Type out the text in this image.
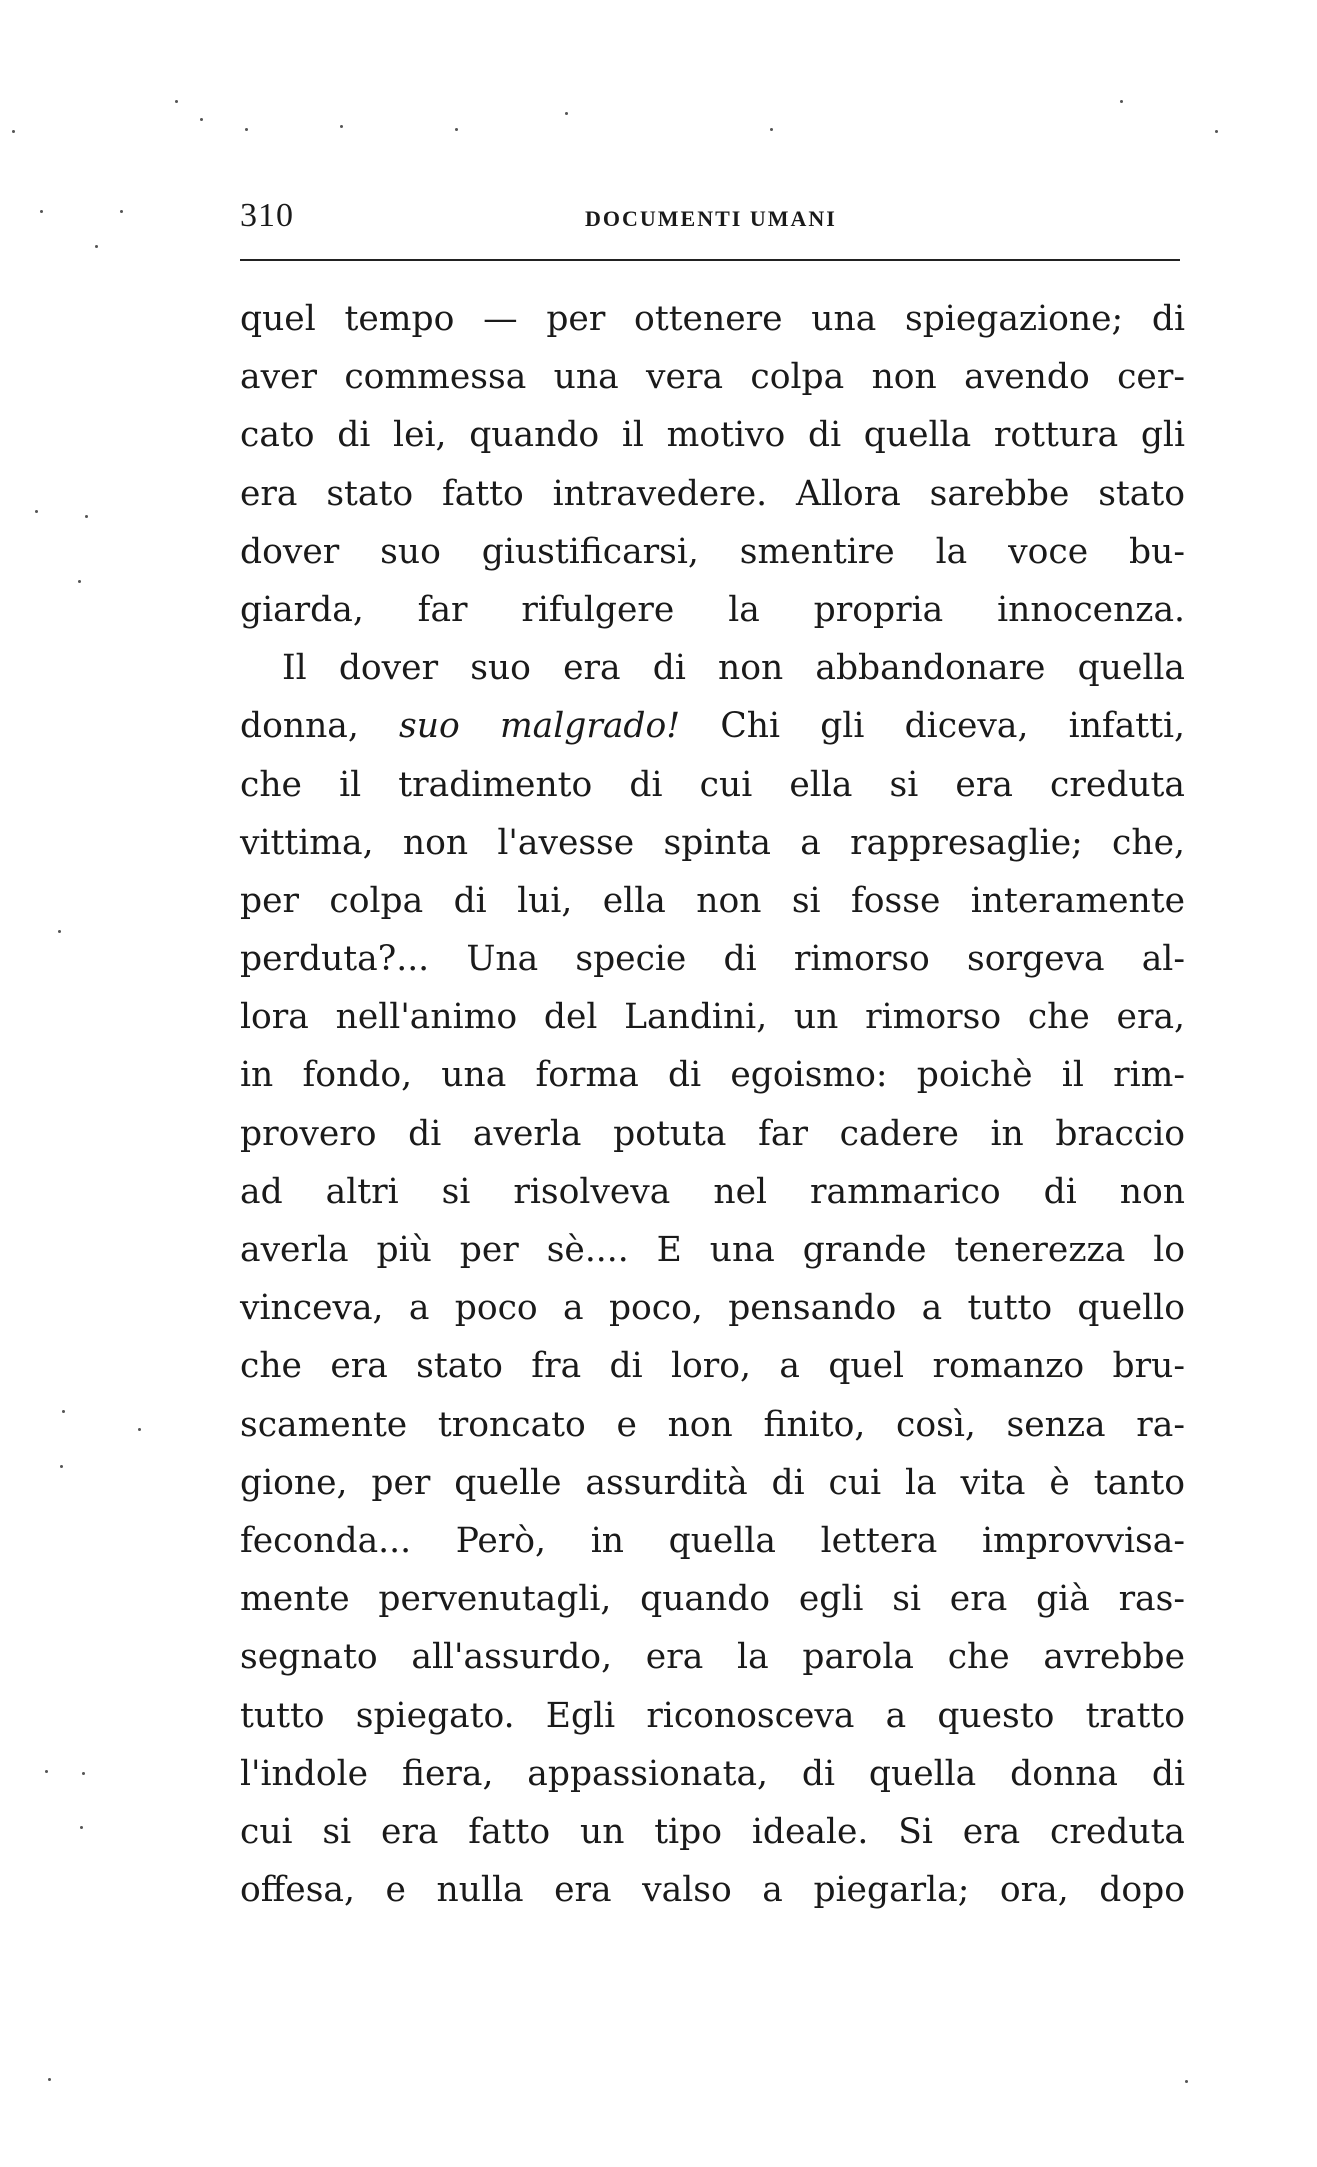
310	DOCUMENTI UMANI
quel tempo — per ottenere una spiegazione; di
aver commessa una vera colpa non avendo cer-
cato di lei, quando il motivo di quella rottura gli
era stato fatto intravedere. Allora sarebbe stato
dover suo giustificarsi, smentire la voce bu-
giarda, far rifulgere la propria innocenza.
Il dover suo era di non abbandonare quella
donna, suo malgrado! Chi gli diceva, infatti,
che il tradimento di cui ella si era creduta
vittima, non l'avesse spinta a rappresaglie; che,
per colpa di lui, ella non si fosse interamente
perduta?... Una specie di rimorso sorgeva al-
lora nell'animo del Landini, un rimorso che era,
in fondo, una forma di egoismo: poichè il rim-
provero di averla potuta far cadere in braccio
ad altri si risolveva nel rammarico di non
averla più per sè.... E una grande tenerezza lo
vinceva, a poco a poco, pensando a tutto quello
che era stato fra di loro, a quel romanzo bru-
scamente troncato e non finito, così, senza ra-
gione, per quelle assurdità di cui la vita è tanto
feconda... Però, in quella lettera improvvisa-
mente pervenutagli, quando egli si era già ras-
segnato all'assurdo, era la parola che avrebbe
tutto spiegato. Egli riconosceva a questo tratto
l'indole fiera, appassionata, di quella donna di
cui si era fatto un tipo ideale. Si era creduta
offesa, e nulla era valso a piegarla; ora, dopo
